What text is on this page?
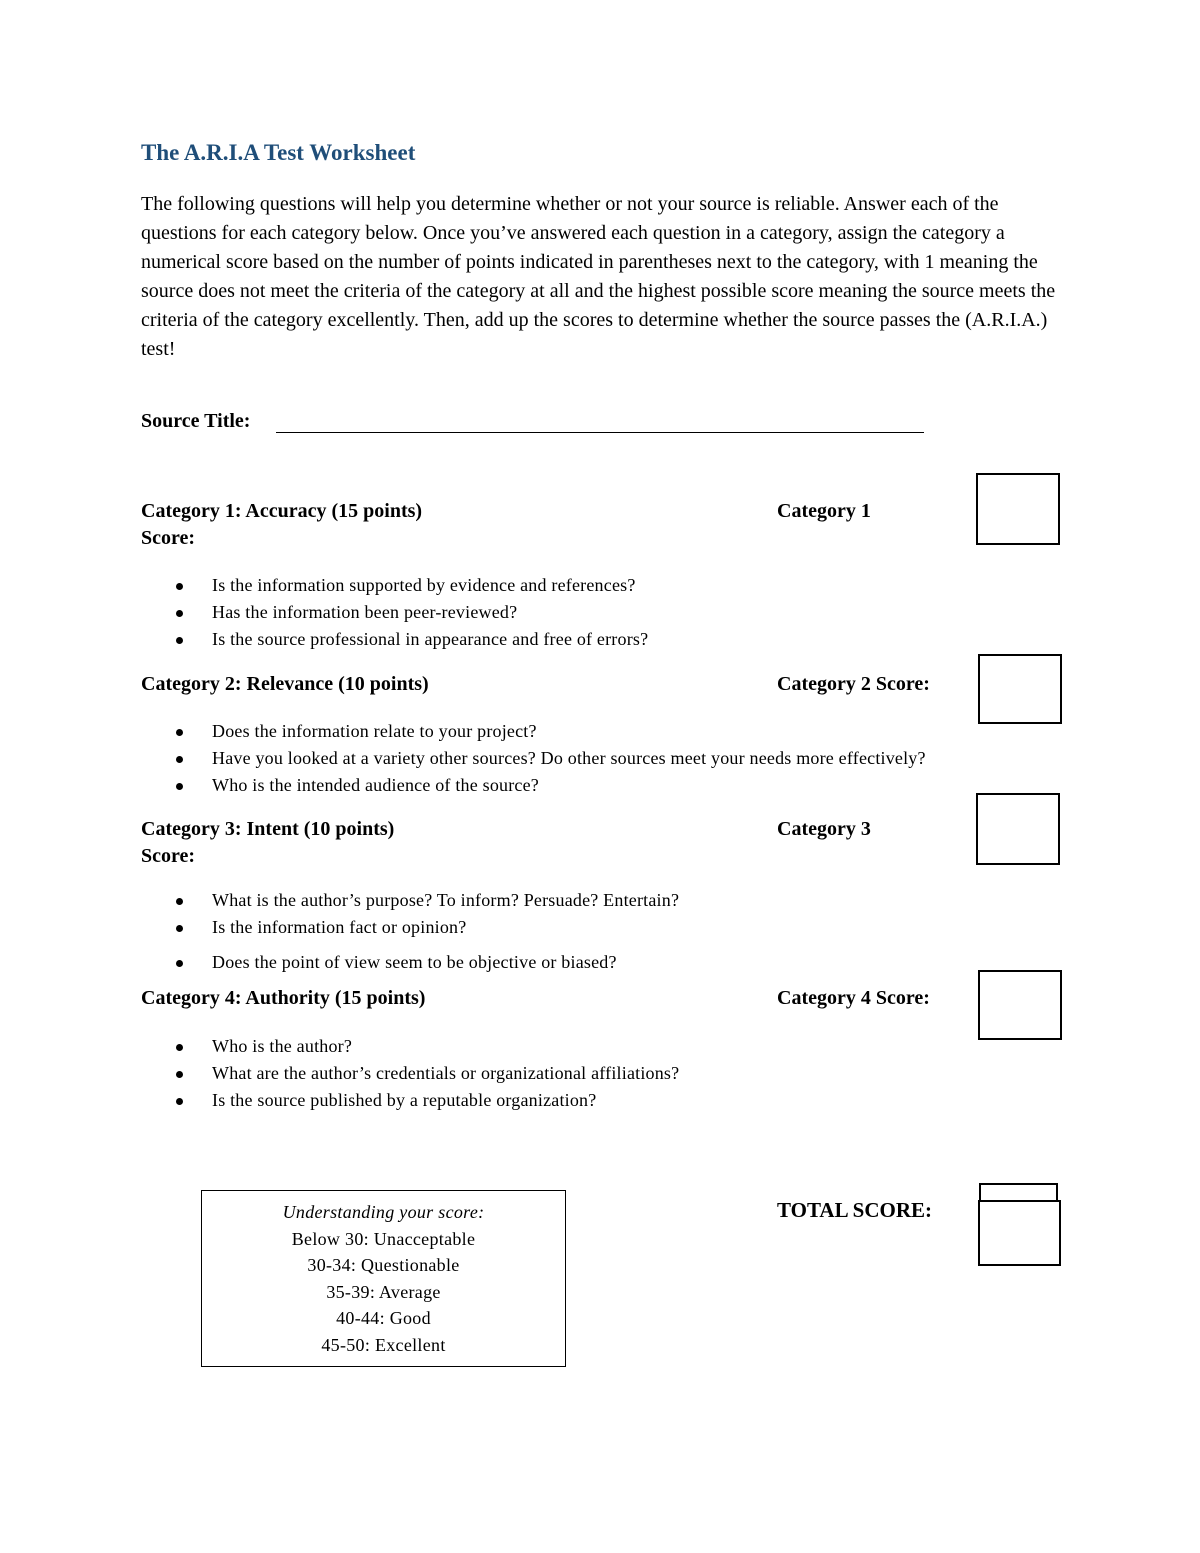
The A.R.I.A Test Worksheet
The following questions will help you determine whether or not your source is reliable. Answer each of the questions for each category below. Once you’ve answered each question in a category, assign the category a numerical score based on the number of points indicated in parentheses next to the category, with 1 meaning the source does not meet the criteria of the category at all and the highest possible score meaning the source meets the criteria of the category excellently. Then, add up the scores to determine whether the source passes the (A.R.I.A.) test!
Source Title:
Category 1: Accuracy (15 points)	Category 1
Score:
Is the information supported by evidence and references?
Has the information been peer-reviewed?
Is the source professional in appearance and free of errors?
Category 2: Relevance (10 points)	Category 2 Score:
Does the information relate to your project?
Have you looked at a variety other sources? Do other sources meet your needs more effectively?
Who is the intended audience of the source?
Category 3: Intent (10 points)	Category 3
Score:
What is the author’s purpose? To inform? Persuade? Entertain?
Is the information fact or opinion?
Does the point of view seem to be objective or biased?
Category 4: Authority (15 points)	Category 4 Score:
Who is the author?
What are the author’s credentials or organizational affiliations?
Is the source published by a reputable organization?
Understanding your score:
Below 30: Unacceptable
30-34: Questionable
35-39: Average
40-44: Good
45-50: Excellent
TOTAL SCORE:
